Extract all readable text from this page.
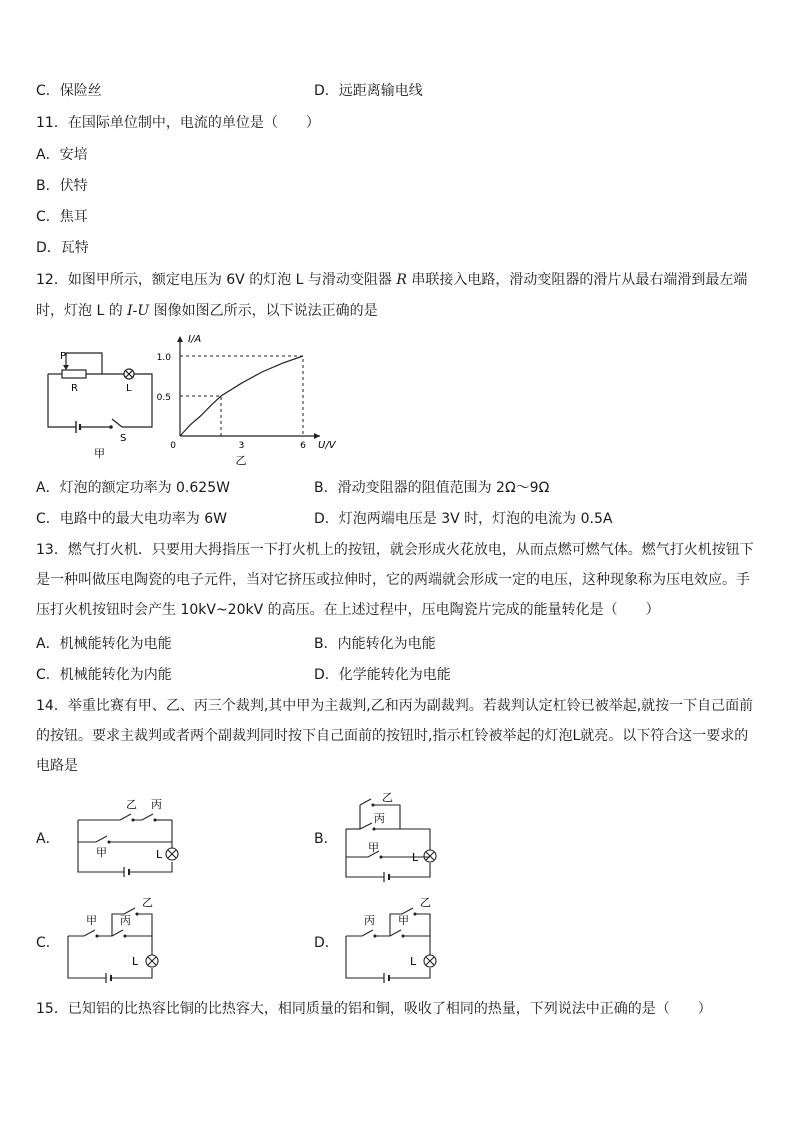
C．保险丝	D．远距离输电线
11．在国际单位制中，电流的单位是（　　）
A．安培
B．伏特
C．焦耳
D．瓦特
12．如图甲所示，额定电压为 6V 的灯泡 L 与滑动变阻器 R 串联接入电路，滑动变阻器的滑片从最右端滑到最左端
时，灯泡 L 的 I-U 图像如图乙所示，以下说法正确的是
P
R	L
S
甲
1.0
0.5
0	3	6
I/A
U/V
乙
A．灯泡的额定功率为 0.625W	B．滑动变阻器的阻值范围为 2Ω～9Ω
C．电路中的最大电功率为 6W	D．灯泡两端电压是 3V 时，灯泡的电流为 0.5A
13．燃气打火机．只要用大拇指压一下打火机上的按钮，就会形成火花放电，从而点燃可燃气体。燃气打火机按钮下是一种叫做压电陶瓷的电子元件，当对它挤压或拉伸时，它的两端就会形成一定的电压，这种现象称为压电效应。手压打火机按钮时会产生 10kV~20kV 的高压。在上述过程中，压电陶瓷片完成的能量转化是（　　）
A．机械能转化为电能	B．内能转化为电能
C．机械能转化为内能	D．化学能转化为电能
14．举重比赛有甲、乙、丙三个裁判,其中甲为主裁判,乙和丙为副裁判。若裁判认定杠铃已被举起,就按一下自己面前的按钮。要求主裁判或者两个副裁判同时按下自己面前的按钮时,指示杠铃被举起的灯泡L就亮。以下符合这一要求的电路是
A．
乙 丙
甲	L
B．
乙
丙
甲
L
C．
甲 丙
乙
L
D．
丙 甲
乙
L
15．已知铝的比热容比铜的比热容大，相同质量的铝和铜，吸收了相同的热量，下列说法中正确的是（　　）
